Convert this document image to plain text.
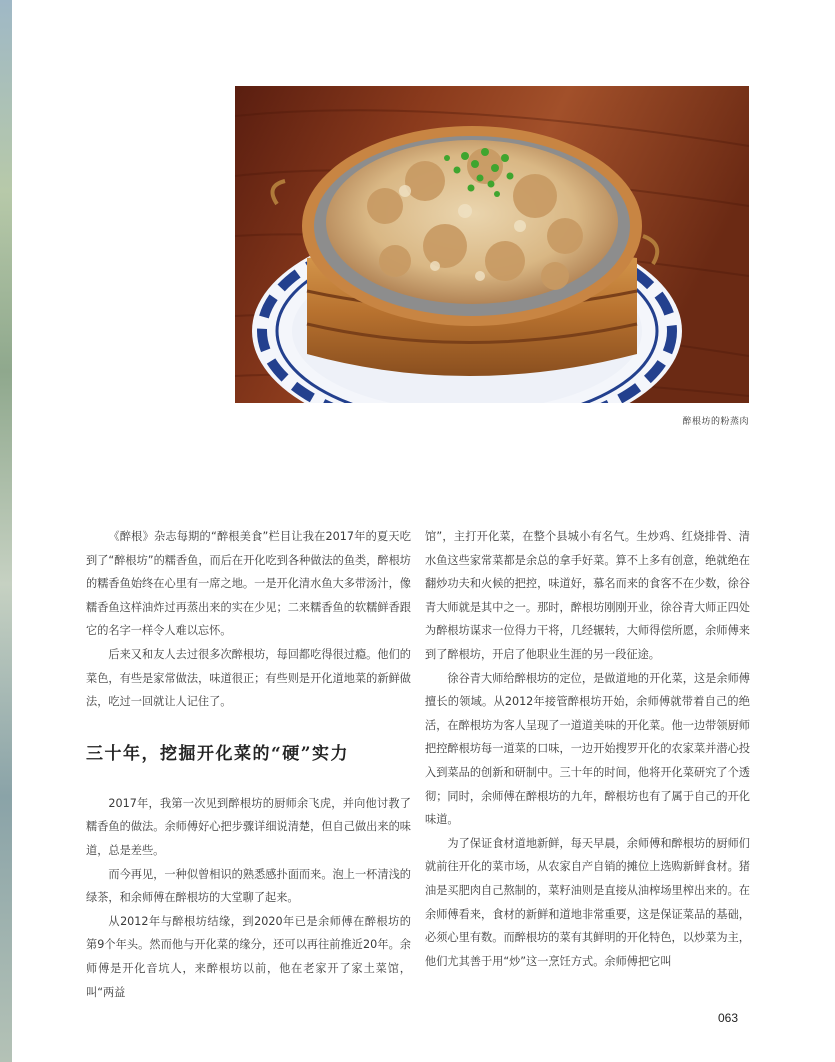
醉根坊的粉蒸肉

《醉根》杂志每期的“醉根美食”栏目让我在2017年的夏天吃到了“醉根坊”的糯香鱼，而后在开化吃到各种做法的鱼类，醉根坊的糯香鱼始终在心里有一席之地。一是开化清水鱼大多带汤汁，像糯香鱼这样油炸过再蒸出来的实在少见；二来糯香鱼的软糯鲜香跟它的名字一样令人难以忘怀。

后来又和友人去过很多次醉根坊，每回都吃得很过瘾。他们的菜色，有些是家常做法，味道很正；有些则是开化道地菜的新鲜做法，吃过一回就让人记住了。

三十年，挖掘开化菜的“硬”实力

2017年，我第一次见到醉根坊的厨师余飞虎，并向他讨教了糯香鱼的做法。余师傅好心把步骤详细说清楚，但自己做出来的味道，总是差些。

而今再见，一种似曾相识的熟悉感扑面而来。泡上一杯清浅的绿茶，和余师傅在醉根坊的大堂聊了起来。

从2012年与醉根坊结缘，到2020年已是余师傅在醉根坊的第9个年头。然而他与开化菜的缘分，还可以再往前推近20年。余师傅是开化音坑人，来醉根坊以前，他在老家开了家土菜馆，叫“两益

馆”，主打开化菜，在整个县城小有名气。生炒鸡、红烧排骨、清水鱼这些家常菜都是余总的拿手好菜。算不上多有创意，绝就绝在翻炒功夫和火候的把控，味道好，慕名而来的食客不在少数，徐谷青大师就是其中之一。那时，醉根坊刚刚开业，徐谷青大师正四处为醉根坊谋求一位得力干将，几经辗转，大师得偿所愿，余师傅来到了醉根坊，开启了他职业生涯的另一段征途。

徐谷青大师给醉根坊的定位，是做道地的开化菜，这是余师傅擅长的领域。从2012年接管醉根坊开始，余师傅就带着自己的绝活，在醉根坊为客人呈现了一道道美味的开化菜。他一边带领厨师把控醉根坊每一道菜的口味，一边开始搜罗开化的农家菜并潜心投入到菜品的创新和研制中。三十年的时间，他将开化菜研究了个透彻；同时，余师傅在醉根坊的九年，醉根坊也有了属于自己的开化味道。

为了保证食材道地新鲜，每天早晨，余师傅和醉根坊的厨师们就前往开化的菜市场，从农家自产自销的摊位上选购新鲜食材。猪油是买肥肉自己熬制的，菜籽油则是直接从油榨场里榨出来的。在余师傅看来，食材的新鲜和道地非常重要，这是保证菜品的基础，必须心里有数。而醉根坊的菜有其鲜明的开化特色，以炒菜为主，他们尤其善于用“炒”这一烹饪方式。余师傅把它叫

063
